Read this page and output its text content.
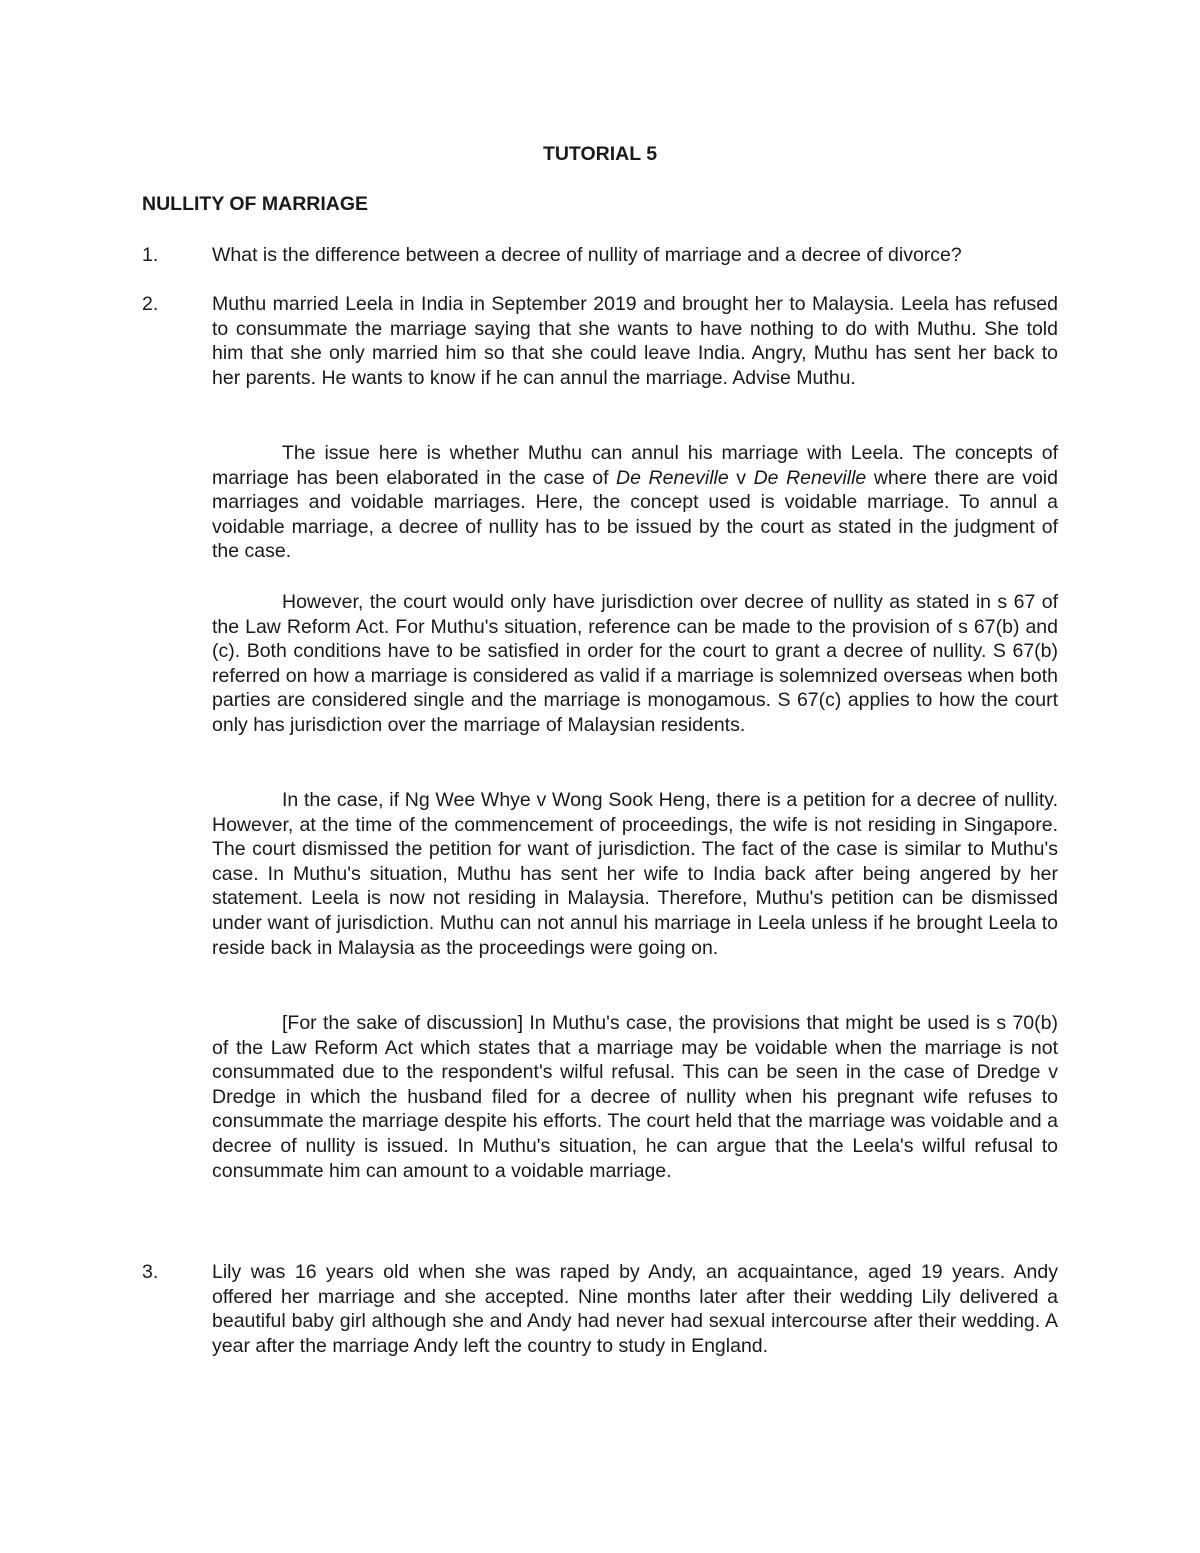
TUTORIAL 5
NULLITY OF MARRIAGE
1.	What is the difference between a decree of nullity of marriage and a decree of divorce?

2.	Muthu married Leela in India in September 2019 and brought her to Malaysia. Leela has refused to consummate the marriage saying that she wants to have nothing to do with Muthu. She told him that she only married him so that she could leave India. Angry, Muthu has sent her back to her parents. He wants to know if he can annul the marriage. Advise Muthu.

The issue here is whether Muthu can annul his marriage with Leela. The concepts of marriage has been elaborated in the case of De Reneville v De Reneville where there are void marriages and voidable marriages. Here, the concept used is voidable marriage. To annul a voidable marriage, a decree of nullity has to be issued by the court as stated in the judgment of the case.

However, the court would only have jurisdiction over decree of nullity as stated in s 67 of the Law Reform Act. For Muthu's situation, reference can be made to the provision of s 67(b) and (c). Both conditions have to be satisfied in order for the court to grant a decree of nullity. S 67(b) referred on how a marriage is considered as valid if a marriage is solemnized overseas when both parties are considered single and the marriage is monogamous. S 67(c) applies to how the court only has jurisdiction over the marriage of Malaysian residents.

In the case, if Ng Wee Whye v Wong Sook Heng, there is a petition for a decree of nullity. However, at the time of the commencement of proceedings, the wife is not residing in Singapore. The court dismissed the petition for want of jurisdiction. The fact of the case is similar to Muthu's case. In Muthu's situation, Muthu has sent her wife to India back after being angered by her statement. Leela is now not residing in Malaysia. Therefore, Muthu's petition can be dismissed under want of jurisdiction. Muthu can not annul his marriage in Leela unless if he brought Leela to reside back in Malaysia as the proceedings were going on.

[For the sake of discussion] In Muthu's case, the provisions that might be used is s 70(b) of the Law Reform Act which states that a marriage may be voidable when the marriage is not consummated due to the respondent's wilful refusal. This can be seen in the case of Dredge v Dredge in which the husband filed for a decree of nullity when his pregnant wife refuses to consummate the marriage despite his efforts. The court held that the marriage was voidable and a decree of nullity is issued. In Muthu's situation, he can argue that the Leela's wilful refusal to consummate him can amount to a voidable marriage.

3.	Lily was 16 years old when she was raped by Andy, an acquaintance, aged 19 years. Andy offered her marriage and she accepted. Nine months later after their wedding Lily delivered a beautiful baby girl although she and Andy had never had sexual intercourse after their wedding. A year after the marriage Andy left the country to study in England.
